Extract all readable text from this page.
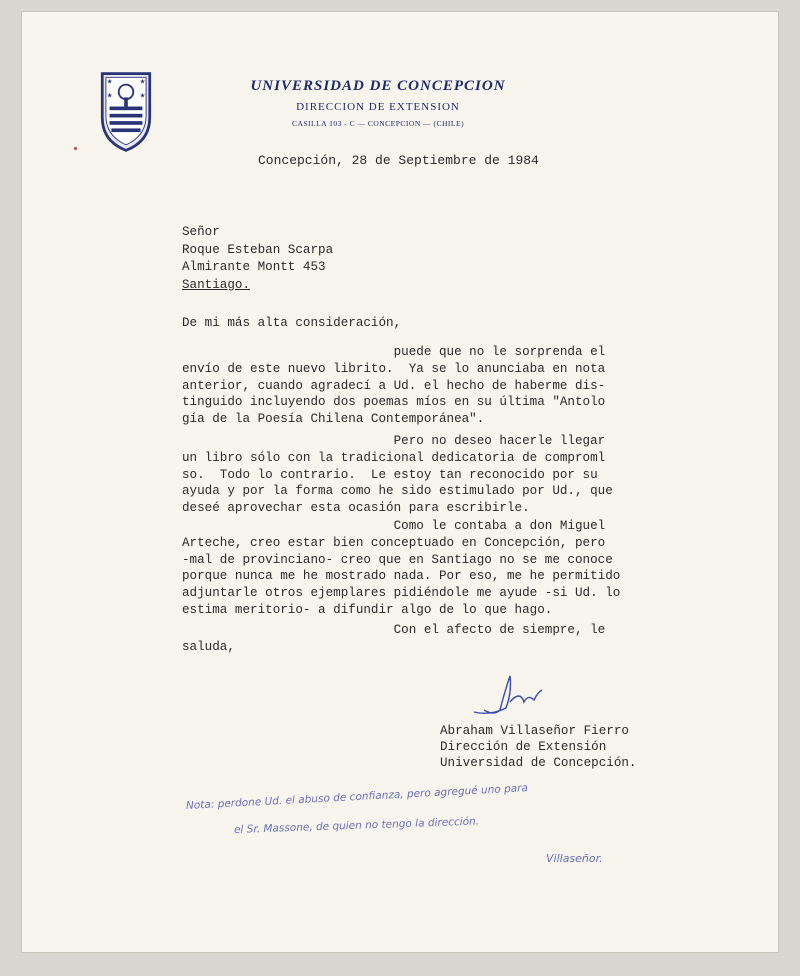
★	★
★	★
UNIVERSIDAD DE CONCEPCION
DIRECCION DE EXTENSION
CASILLA 103 - C — CONCEPCION — (CHILE)
Concepción, 28 de Septiembre de 1984
Señor
Roque Esteban Scarpa
Almirante Montt 453
Santiago.
De mi más alta consideración,
puede que no le sorprenda el
envío de este nuevo librito.  Ya se lo anunciaba en nota
anterior, cuando agradecí a Ud. el hecho de haberme dis-
tinguido incluyendo dos poemas míos en su última "Antolo
gía de la Poesía Chilena Contemporánea".
Pero no deseo hacerle llegar
un libro sólo con la tradicional dedicatoria de comproml
so.  Todo lo contrario.  Le estoy tan reconocido por su
ayuda y por la forma como he sido estimulado por Ud., que
deseé aprovechar esta ocasión para escribirle.
Como le contaba a don Miguel
Arteche, creo estar bien conceptuado en Concepción, pero
-mal de provinciano- creo que en Santiago no se me conoce
porque nunca me he mostrado nada. Por eso, me he permitido
adjuntarle otros ejemplares pidiéndole me ayude -si Ud. lo
estima meritorio- a difundir algo de lo que hago.
Con el afecto de siempre, le
saluda,
Abraham Villaseñor Fierro
Dirección de Extensión
Universidad de Concepción.
Nota: perdone Ud. el abuso de confianza, pero agregué uno para
el Sr. Massone, de quien no tengo la dirección.
Villaseñor.
